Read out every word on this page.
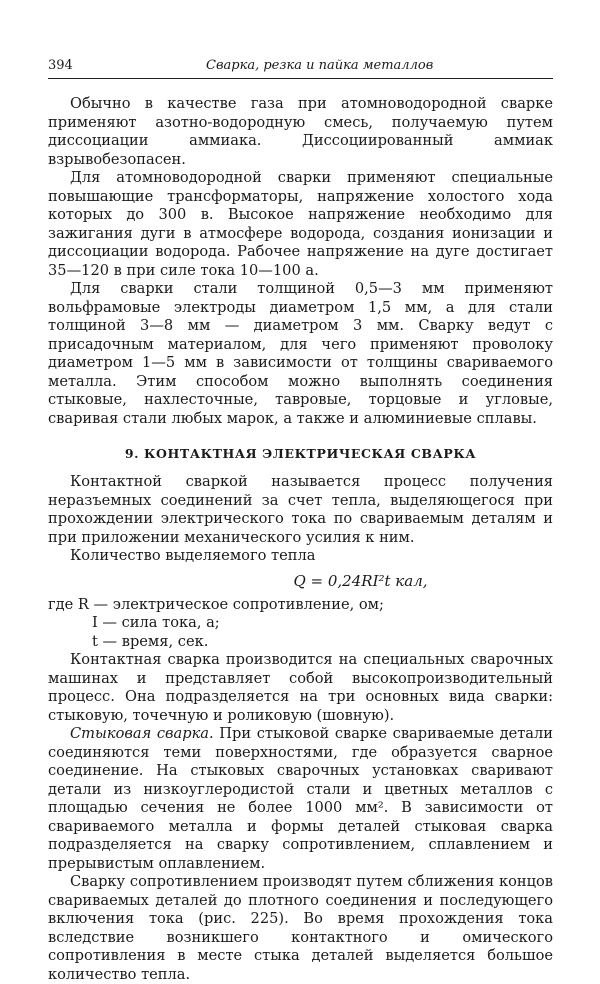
394	Сварка, резка и пайка металлов

Обычно в качестве газа при атомноводородной сварке применяют азотно-водородную смесь, получаемую путем диссоциации аммиака. Диссоциированный аммиак взрывобезопасен.

Для атомноводородной сварки применяют специальные повышающие трансформаторы, напряжение холостого хода которых до 300 в. Высокое напряжение необходимо для зажигания дуги в атмосфере водорода, создания ионизации и диссоциации водорода. Рабочее напряжение на дуге достигает 35—120 в при силе тока 10—100 а.

Для сварки стали толщиной 0,5—3 мм применяют вольфрамовые электроды диаметром 1,5 мм, а для стали толщиной 3—8 мм — диаметром 3 мм. Сварку ведут с присадочным материалом, для чего применяют проволоку диаметром 1—5 мм в зависимости от толщины свариваемого металла. Этим способом можно выполнять соединения стыковые, нахлесточные, тавровые, торцовые и угловые, сваривая стали любых марок, а также и алюминиевые сплавы.

9. КОНТАКТНАЯ ЭЛЕКТРИЧЕСКАЯ СВАРКА

Контактной сваркой называется процесс получения неразъемных соединений за счет тепла, выделяющегося при прохождении электрического тока по свариваемым деталям и при приложении механического усилия к ним.

Количество выделяемого тепла

Q = 0,24RI²t кал,
где R — электрическое сопротивление, ом;
I — сила тока, а;
t — время, сек.

Контактная сварка производится на специальных сварочных машинах и представляет собой высокопроизводительный процесс. Она подразделяется на три основных вида сварки: стыковую, точечную и роликовую (шовную).

Стыковая сварка. При стыковой сварке свариваемые детали соединяются теми поверхностями, где образуется сварное соединение. На стыковых сварочных установках сваривают детали из низкоуглеродистой стали и цветных металлов с площадью сечения не более 1000 мм². В зависимости от свариваемого металла и формы деталей стыковая сварка подразделяется на сварку сопротивлением, сплавлением и прерывистым оплавлением.

Сварку сопротивлением производят путем сближения концов свариваемых деталей до плотного соединения и последующего включения тока (рис. 225). Во время прохождения тока вследствие возникшего контактного и омического сопротивления в месте стыка деталей выделяется большое количество тепла.
